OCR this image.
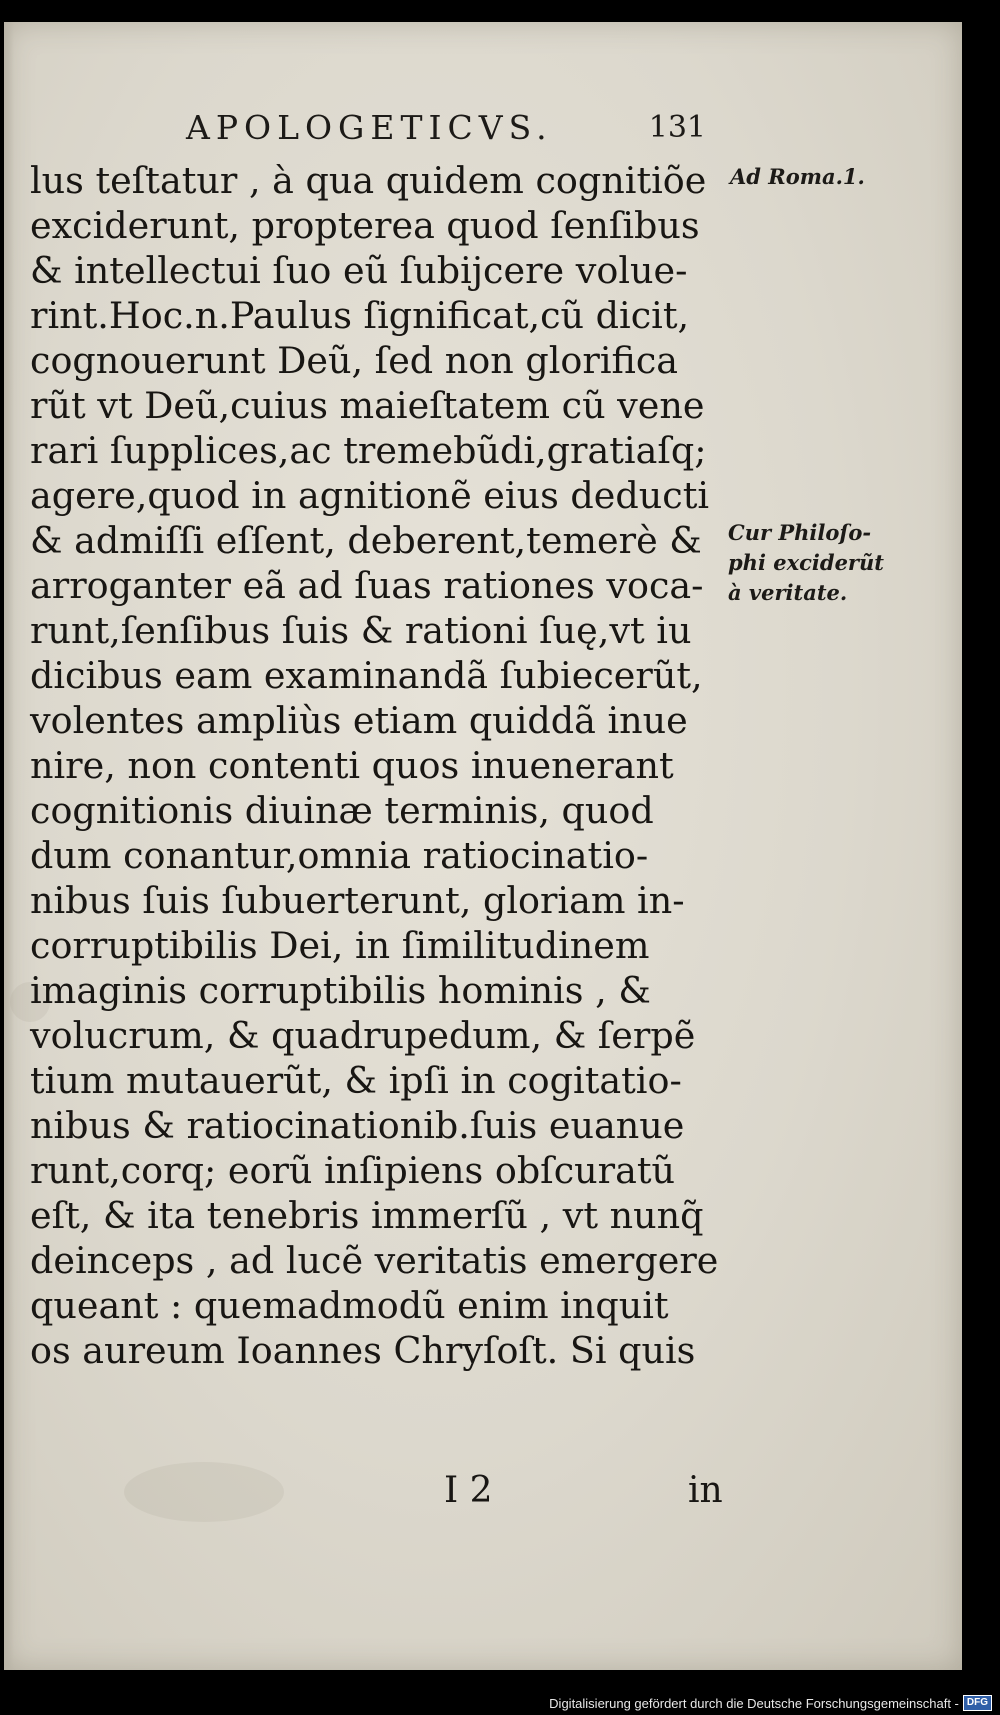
APOLOGETICVS.	131
lus teſtatur , à qua quidem cognitiõe
exciderunt, propterea quod ſenſibus
& intellectui ſuo eũ ſubijcere volue-
rint.Hoc.n.Paulus ſignificat,cũ dicit,
cognouerunt Deũ, ſed non glorifica
rũt vt Deũ,cuius maieſtatem cũ vene
rari ſupplices,ac tremebũdi,gratiaſq;
agere,quod in agnitionẽ eius deducti
& admiſſi eſſent, deberent,temerè &
arroganter eã ad ſuas rationes voca-
runt,ſenſibus ſuis & rationi ſuę,vt iu
dicibus eam examinandã ſubiecerũt,
volentes ampliùs etiam quiddã inue
nire, non contenti quos inuenerant
cognitionis diuinæ terminis, quod
dum conantur,omnia ratiocinatio-
nibus ſuis ſubuerterunt, gloriam in-
corruptibilis Dei, in ſimilitudinem
imaginis corruptibilis hominis , &
volucrum, & quadrupedum, & ſerpẽ
tium mutauerũt, & ipſi in cogitatio-
nibus & ratiocinationib.ſuis euanue
runt,corq; eorũ inſipiens obſcuratũ
eſt, & ita tenebris immerſũ , vt nunq̃
deinceps , ad lucẽ veritatis emergere
queant : quemadmodũ enim inquit
os aureum Ioannes Chryſoſt. Si quis
Ad Roma.1.
Cur Philoſo-
phi exciderũt
à veritate.
I 2	in
Digitalisierung gefördert durch die Deutsche Forschungsgemeinschaft - DFG
